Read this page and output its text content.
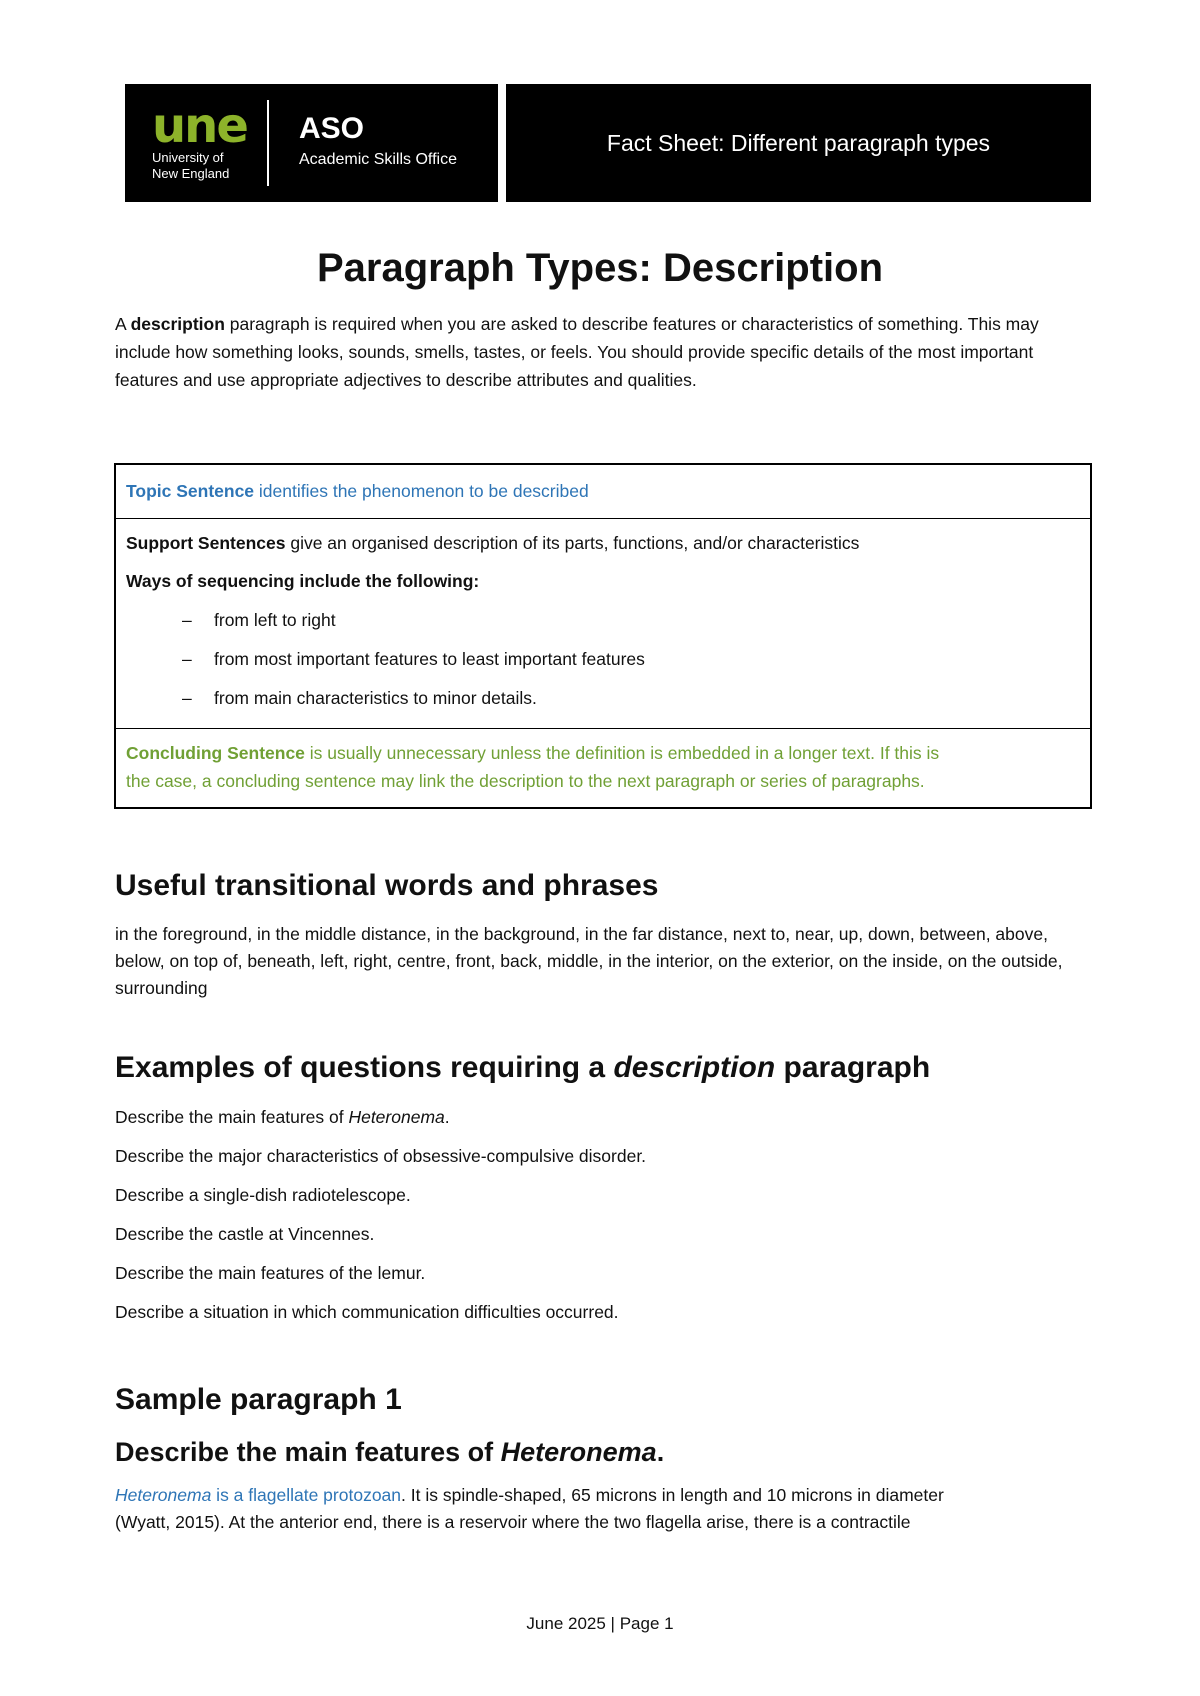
une
University of
New England
ASO
Academic Skills Office
Fact Sheet: Different paragraph types
Paragraph Types: Description
A description paragraph is required when you are asked to describe features or characteristics of something. This may include how something looks, sounds, smells, tastes, or feels. You should provide specific details of the most important features and use appropriate adjectives to describe attributes and qualities.
Topic Sentence identifies the phenomenon to be described
Support Sentences give an organised description of its parts, functions, and/or characteristics
Ways of sequencing include the following:
– from left to right
– from most important features to least important features
– from main characteristics to minor details.
Concluding Sentence is usually unnecessary unless the definition is embedded in a longer text. If this is
the case, a concluding sentence may link the description to the next paragraph or series of paragraphs.
Useful transitional words and phrases
in the foreground, in the middle distance, in the background, in the far distance, next to, near, up, down, between, above, below, on top of, beneath, left, right, centre, front, back, middle, in the interior, on the exterior, on the inside, on the outside, surrounding
Examples of questions requiring a description paragraph
Describe the main features of Heteronema.
Describe the major characteristics of obsessive-compulsive disorder.
Describe a single-dish radiotelescope.
Describe the castle at Vincennes.
Describe the main features of the lemur.
Describe a situation in which communication difficulties occurred.
Sample paragraph 1
Describe the main features of Heteronema.
Heteronema is a flagellate protozoan. It is spindle-shaped, 65 microns in length and 10 microns in diameter
(Wyatt, 2015). At the anterior end, there is a reservoir where the two flagella arise, there is a contractile
June 2025 | Page 1
